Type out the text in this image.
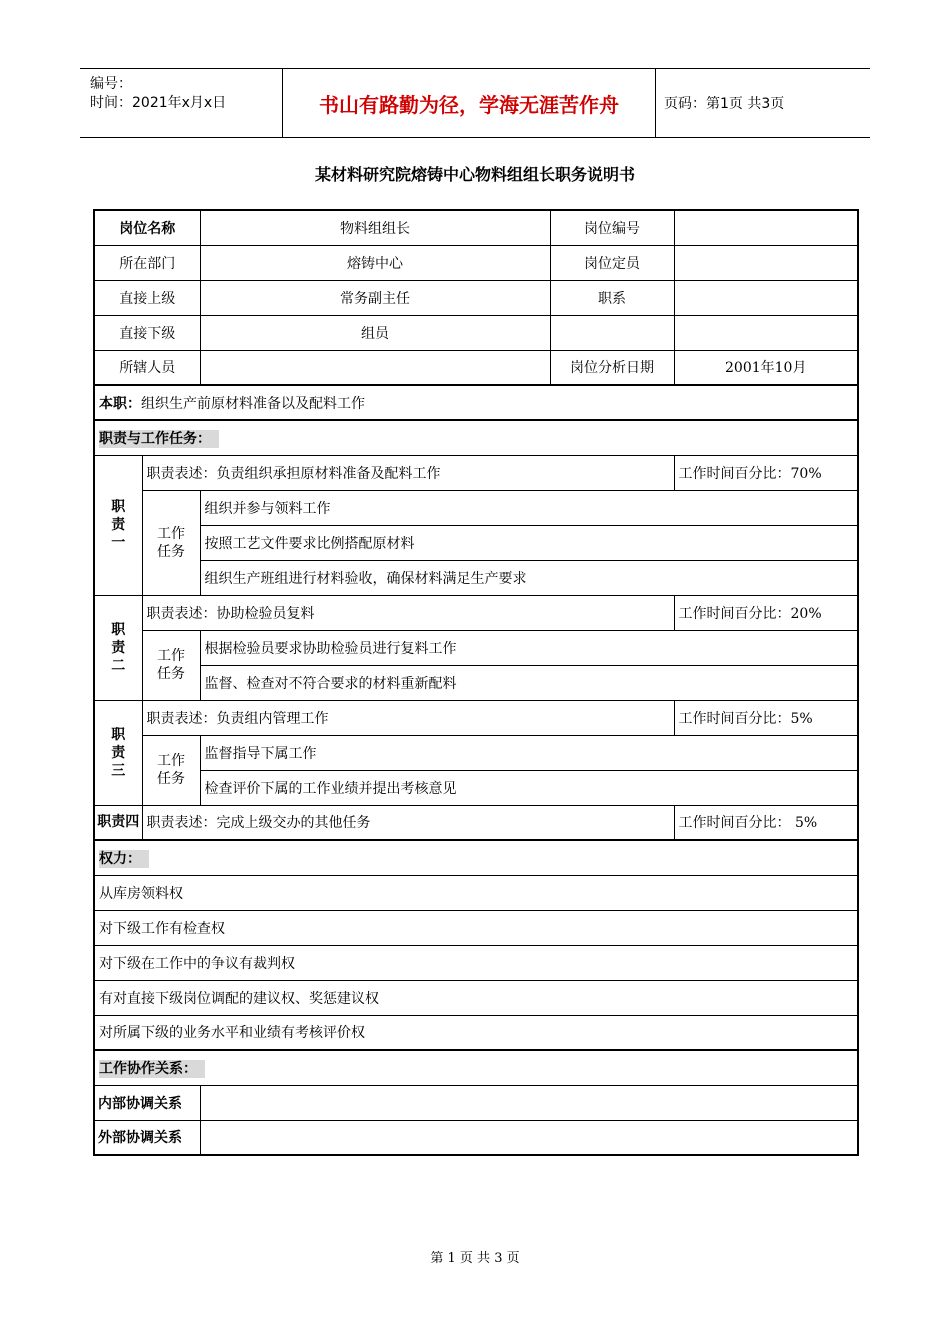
编号：
时间：2021年x月x日	书山有路勤为径，学海无涯苦作舟	页码：第1页 共3页
某材料研究院熔铸中心物料组组长职务说明书
岗位名称		物料组组长	岗位编号	
所在部门		熔铸中心	岗位定员	
直接上级		常务副主任	职系	
直接下级		组员		
所辖人员			岗位分析日期	2001年10月
本职：组织生产前原材料准备以及配料工作				
职责与工作任务：				
职责一	职责表述：负责组织承担原材料准备及配料工作			工作时间百分比：70%
	工作任务	组织并参与领料工作		
		按照工艺文件要求比例搭配原材料		
		组织生产班组进行材料验收，确保材料满足生产要求		
职责二	职责表述：协助检验员复料			工作时间百分比：20%
	工作任务	根据检验员要求协助检验员进行复料工作		
		监督、检查对不符合要求的材料重新配料		
职责三	职责表述：负责组内管理工作			工作时间百分比：5%
	工作任务	监督指导下属工作		
		检查评价下属的工作业绩并提出考核意见		
职责四	职责表述：完成上级交办的其他任务			工作时间百分比： 5%
权力：				
从库房领料权				
对下级工作有检查权				
对下级在工作中的争议有裁判权				
有对直接下级岗位调配的建议权、奖惩建议权				
对所属下级的业务水平和业绩有考核评价权				
工作协作关系：				
内部协调关系				
外部协调关系				
第 1 页 共 3 页
